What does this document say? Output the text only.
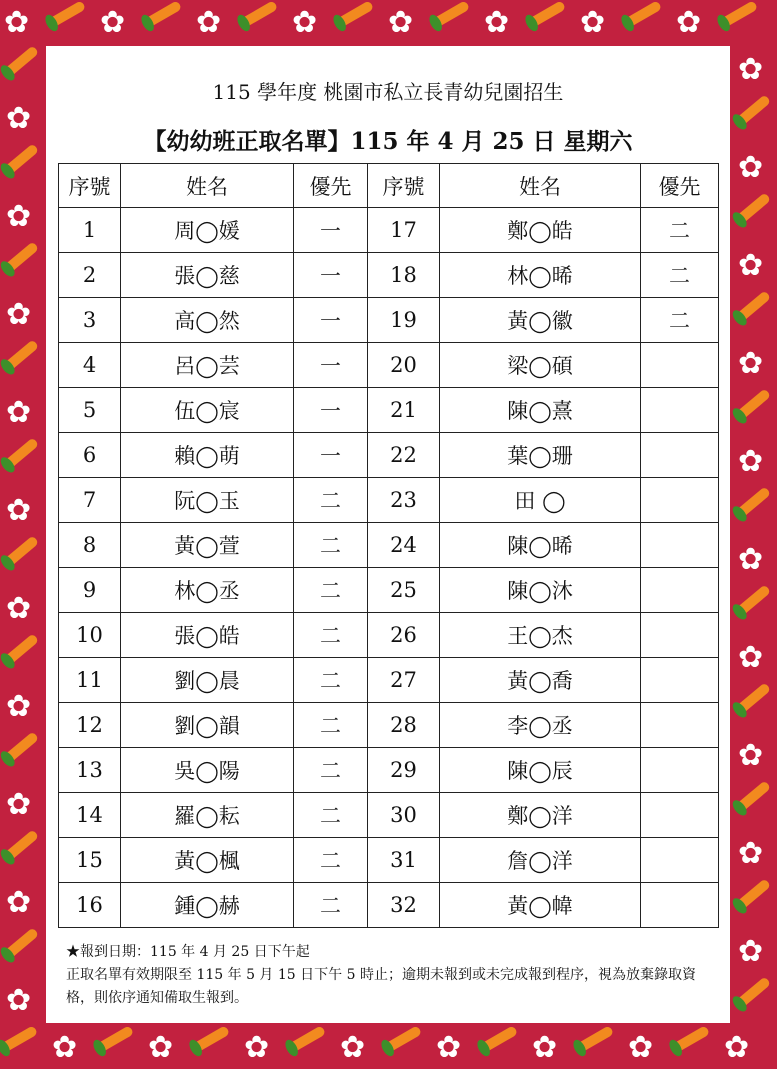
✿
✿
✿
✿
✿
✿
✿
✿
✿
✿
✿
✿
✿
✿
✿
✿
✿
✿
✿
✿
✿
✿
✿
✿
✿
✿
✿
✿
✿
✿
✿
✿
✿
✿
✿
✿
115 學年度 桃園市私立長青幼兒園招生
【幼幼班正取名單】115 年 4 月 25 日 星期六
序號	姓名	優先	序號	姓名	優先
1	周◯媛	一	17	鄭◯皓	二
2	張◯慈	一	18	林◯晞	二
3	高◯然	一	19	黃◯徽	二
4	呂◯芸	一	20	梁◯碩	
5	伍◯宸	一	21	陳◯熹	
6	賴◯萌	一	22	葉◯珊	
7	阮◯玉	二	23	田 ◯	
8	黃◯萱	二	24	陳◯晞	
9	林◯丞	二	25	陳◯沐	
10	張◯皓	二	26	王◯杰	
11	劉◯晨	二	27	黃◯喬	
12	劉◯韻	二	28	李◯丞	
13	吳◯陽	二	29	陳◯辰	
14	羅◯耘	二	30	鄭◯洋	
15	黃◯楓	二	31	詹◯洋	
16	鍾◯赫	二	32	黃◯幃	
★報到日期：115 年 4 月 25 日下午起
正取名單有效期限至 115 年 5 月 15 日下午 5 時止；逾期未報到或未完成報到程序，視為放棄錄取資格，則依序通知備取生報到。
